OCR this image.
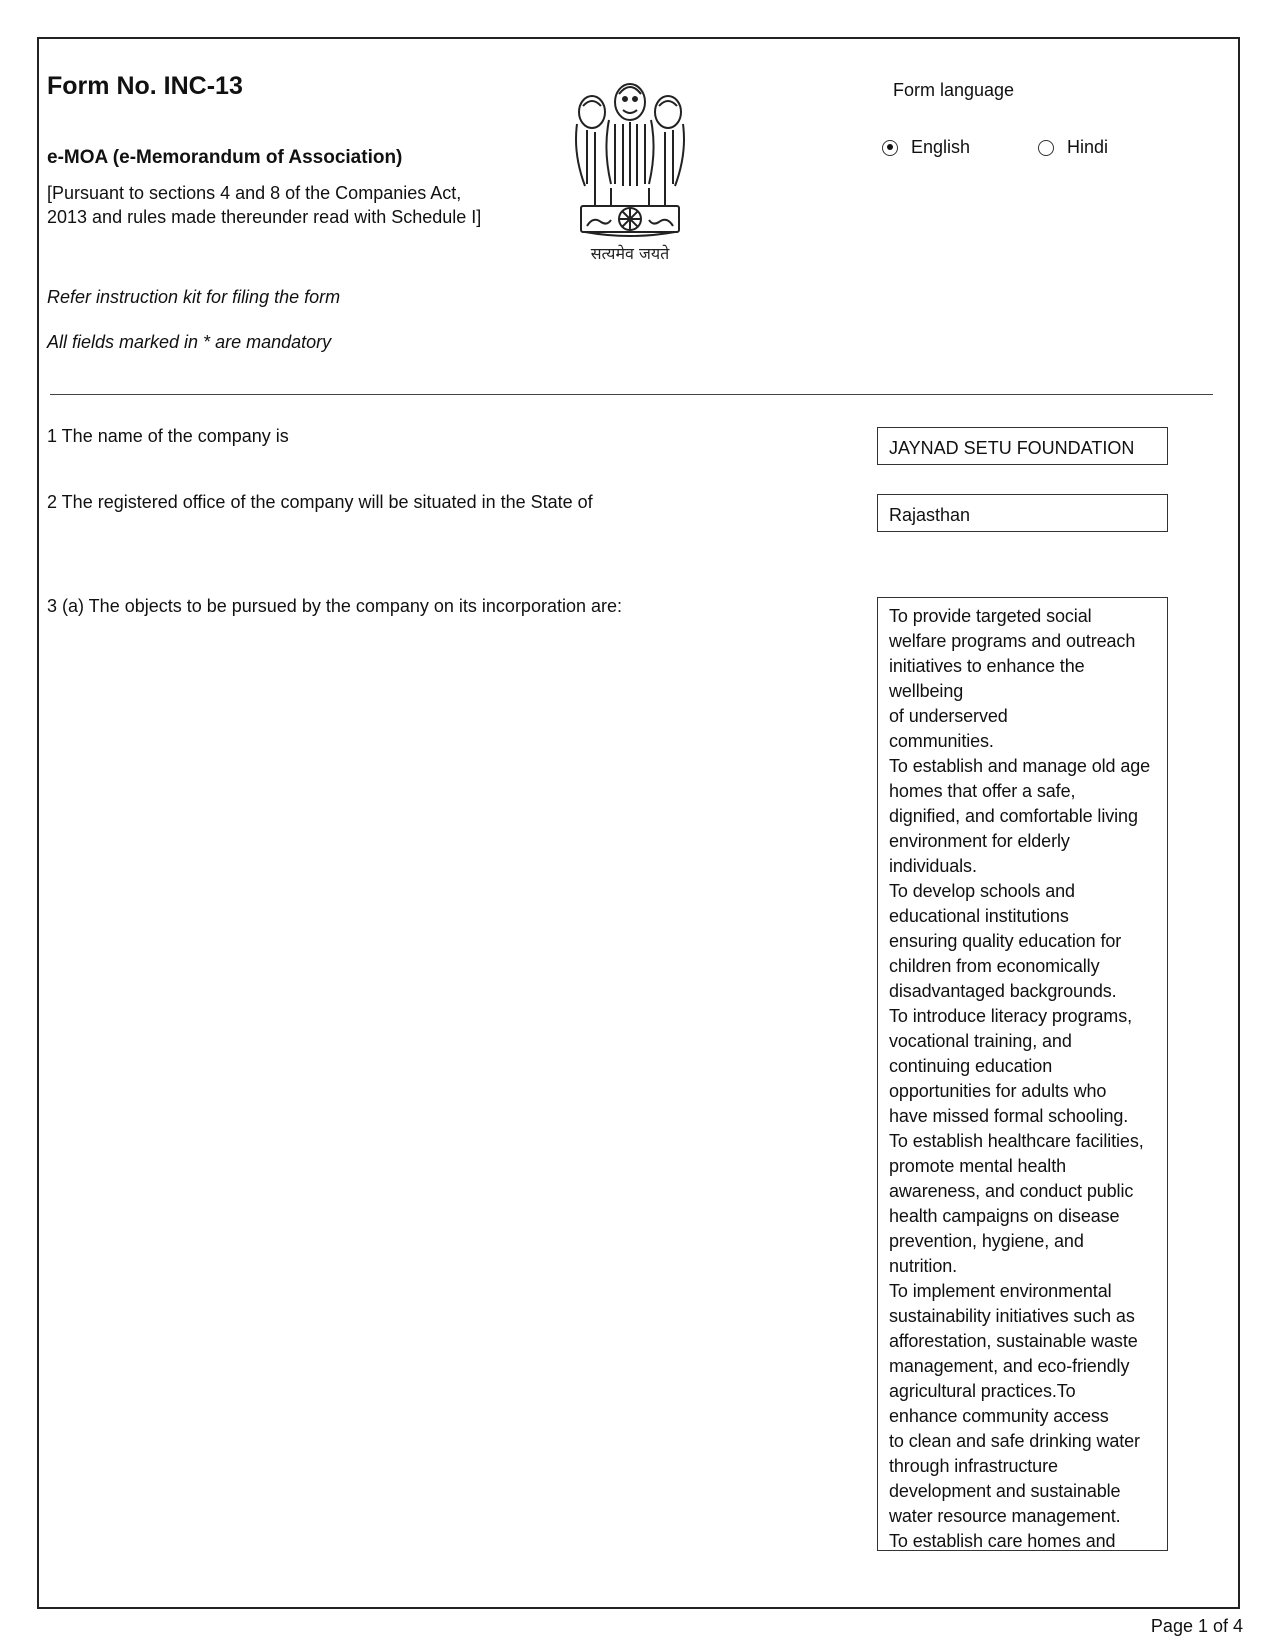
Form No. INC-13
e-MOA (e-Memorandum of Association)
[Pursuant to sections 4 and 8 of the Companies Act, 2013 and rules made thereunder read with Schedule I]
Refer instruction kit for filing the form
All fields marked in * are mandatory
सत्यमेव जयते
Form language
English	Hindi
1 The name of the company is
JAYNAD SETU FOUNDATION
2 The registered office of the company will be situated in the State of
Rajasthan
3 (a) The objects to be pursued by the company on its incorporation are:	To provide targeted social
welfare programs and outreach
initiatives to enhance the
wellbeing
of underserved
communities.
To establish and manage old age
homes that offer a safe,
dignified, and comfortable living
environment for elderly
individuals.
To develop schools and
educational institutions
ensuring quality education for
children from economically
disadvantaged backgrounds.
To introduce literacy programs,
vocational training, and
continuing education
opportunities for adults who
have missed formal schooling.
To establish healthcare facilities,
promote mental health
awareness, and conduct public
health campaigns on disease
prevention, hygiene, and
nutrition.
To implement environmental
sustainability initiatives such as
afforestation, sustainable waste
management, and eco-friendly
agricultural practices.To
enhance community access
to clean and safe drinking water
through infrastructure
development and sustainable
water resource management.
To establish care homes and
Page 1 of 4
